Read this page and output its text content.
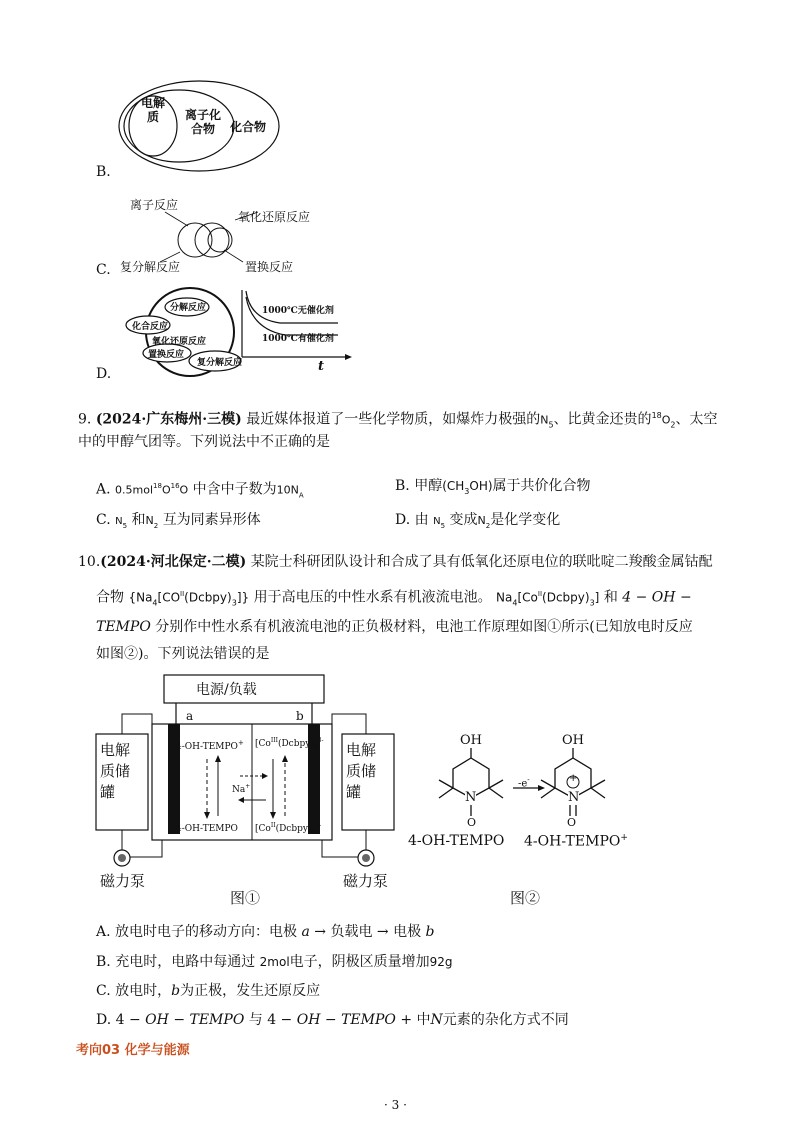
电解质	离子化合物	化合物
B.
离子反应
氧化还原反应
复分解反应	置换反应
C.
分解反应
化合反应
氧化还原反应
置换反应
复分解反应
1000℃无催化剂
1000℃有催化剂
t
D.
9. (2024·广东梅州·三模) 最近媒体报道了一些化学物质，如爆炸力极强的$N_5$、比黄金还贵的$^{18}O_2$、太空
中的甲醇气团等。下列说法中不正确的是
A. $0.5mol^{18}O^{16}O$ 中含中子数为$10N_A$
B. 甲醇$(CH_3OH)$属于共价化合物
C. $N_5$ 和$N_2$ 互为同素异形体	D. 由 $N_5$ 变成$N_2$是化学变化
10.(2024·河北保定·二模) 某院士科研团队设计和合成了具有低氧化还原电位的联吡啶二羧酸金属钴配
合物 $\{Na_4[CO^{II}(Dcbpy)_3]\}$ 用于高电压的中性水系有机液流电池。 $Na_4[Co^{II}(Dcbpy)_3]$ 和 4 − OH −
TEMPO 分别作中性水系有机液流电池的正负极材料，电池工作原理如图①所示(已知放电时反应
如图②)。下列说法错误的是
电源/负载
a	b
电解质储罐
电解质储罐
4-OH-TEMPO+
4-OH-TEMPO
[$Co^{III}(Dcbpy)_3^{3-}$
[$Co^{II}(Dcbpy)_3^{4-}$
Na+
磁力泵	磁力泵
图①
OH	OH
N	N
O	O
+
-e-
4-OH-TEMPO 4-OH-TEMPO+
图②
A. 放电时电子的移动方向：电极 a → 负载电 → 电极 b
B. 充电时，电路中每通过 2mol电子，阴极区质量增加92g
C. 放电时，b为正极，发生还原反应
D. 4 − OH − TEMPO 与 4 − OH − TEMPO + 中N元素的杂化方式不同
考向03 化学与能源
· 3 ·
